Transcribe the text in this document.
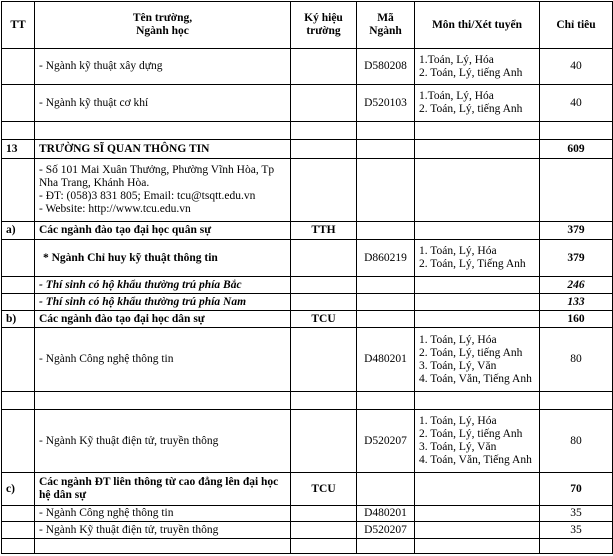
TT	Tên trường,
Ngành học	Ký hiệu
trường	Mã
Ngành	Môn thi/Xét tuyển	Chỉ tiêu
	- Ngành kỹ thuật xây dựng		D580208	1.Toán, Lý, Hóa
2. Toán, Lý, tiếng Anh	40
	- Ngành kỹ thuật cơ khí		D520103	1.Toán, Lý, Hóa
2. Toán, Lý, tiếng Anh	40

13	TRƯỜNG SĨ QUAN THÔNG TIN				609

	- Số 101 Mai Xuân Thưởng, Phường Vĩnh Hòa, Tp Nha Trang, Khánh Hòa.
- ĐT: (058)3 831 805; Email: tcu@tsqtt.edu.vn
- Website: http://www.tcu.edu.vn				

a)	Các ngành đào tạo đại học quân sự	TTH			379
	* Ngành Chỉ huy kỹ thuật thông tin		D860219	1. Toán, Lý, Hóa
2. Toán, Lý, Tiếng Anh	379
	- Thí sinh có hộ khẩu thường trú phía Bắc				246
	- Thí sinh có hộ khẩu thường trú phía Nam				133
b)	Các ngành đào tạo đại học dân sự	TCU			160
	- Ngành Công nghệ thông tin		D480201	1. Toán, Lý, Hóa
2. Toán, Lý, tiếng Anh
3. Toán, Lý, Văn
4. Toán, Văn, Tiếng Anh	80

	- Ngành Kỹ thuật điện tử, truyền thông		D520207	1. Toán, Lý, Hóa
2. Toán, Lý, tiếng Anh
3. Toán, Lý, Văn
4. Toán, Văn, Tiếng Anh	80
c)	Các ngành ĐT liên thông từ cao đẳng lên đại học hệ dân sự	TCU			70
	- Ngành Công nghệ thông tin		D480201		35
	- Ngành Kỹ thuật điện tử, truyền thông		D520207		35
